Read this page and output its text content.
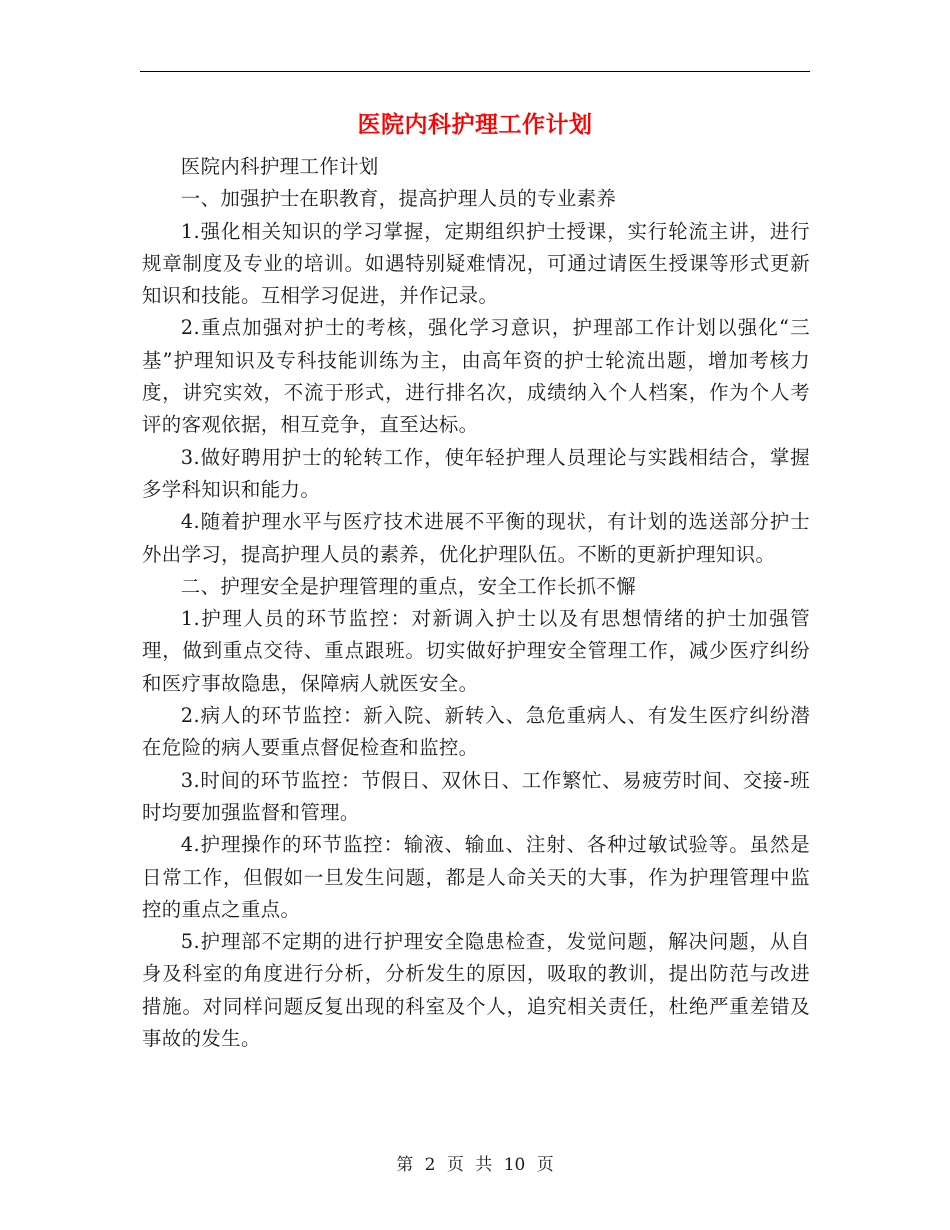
医院内科护理工作计划

医院内科护理工作计划

一、加强护士在职教育，提高护理人员的专业素养

1.强化相关知识的学习掌握，定期组织护士授课，实行轮流主讲，进行规章制度及专业的培训。如遇特别疑难情况，可通过请医生授课等形式更新知识和技能。互相学习促进，并作记录。

2.重点加强对护士的考核，强化学习意识，护理部工作计划以强化“三基”护理知识及专科技能训练为主，由高年资的护士轮流出题，增加考核力度，讲究实效，不流于形式，进行排名次，成绩纳入个人档案，作为个人考评的客观依据，相互竞争，直至达标。

3.做好聘用护士的轮转工作，使年轻护理人员理论与实践相结合，掌握多学科知识和能力。

4.随着护理水平与医疗技术进展不平衡的现状，有计划的选送部分护士外出学习，提高护理人员的素养，优化护理队伍。不断的更新护理知识。

二、护理安全是护理管理的重点，安全工作长抓不懈

1.护理人员的环节监控：对新调入护士以及有思想情绪的护士加强管理，做到重点交待、重点跟班。切实做好护理安全管理工作，减少医疗纠纷和医疗事故隐患，保障病人就医安全。

2.病人的环节监控：新入院、新转入、急危重病人、有发生医疗纠纷潜在危险的病人要重点督促检查和监控。

3.时间的环节监控：节假日、双休日、工作繁忙、易疲劳时间、交接-班时均要加强监督和管理。

4.护理操作的环节监控：输液、输血、注射、各种过敏试验等。虽然是日常工作，但假如一旦发生问题，都是人命关天的大事，作为护理管理中监控的重点之重点。

5.护理部不定期的进行护理安全隐患检查，发觉问题，解决问题，从自身及科室的角度进行分析，分析发生的原因，吸取的教训，提出防范与改进措施。对同样问题反复出现的科室及个人，追究相关责任，杜绝严重差错及事故的发生。

第 2 页 共 10 页
